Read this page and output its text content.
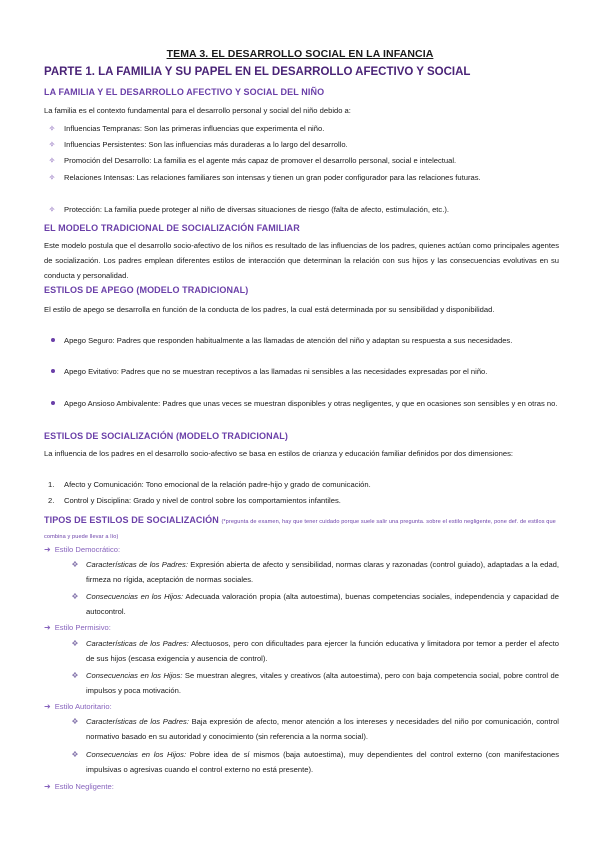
TEMA 3. EL DESARROLLO SOCIAL EN LA INFANCIA
PARTE 1. LA FAMILIA Y SU PAPEL EN EL DESARROLLO AFECTIVO Y SOCIAL
LA FAMILIA Y EL DESARROLLO AFECTIVO Y SOCIAL DEL NIÑO
La familia es el contexto fundamental para el desarrollo personal y social del niño debido a:
✧ Influencias Tempranas: Son las primeras influencias que experimenta el niño.
✧ Influencias Persistentes: Son las influencias más duraderas a lo largo del desarrollo.
✧ Promoción del Desarrollo: La familia es el agente más capaz de promover el desarrollo personal, social e intelectual.
✧ Relaciones Intensas: Las relaciones familiares son intensas y tienen un gran poder configurador para las relaciones futuras.
✧ Protección: La familia puede proteger al niño de diversas situaciones de riesgo (falta de afecto, estimulación, etc.).
EL MODELO TRADICIONAL DE SOCIALIZACIÓN FAMILIAR
Este modelo postula que el desarrollo socio-afectivo de los niños es resultado de las influencias de los padres, quienes actúan como principales agentes de socialización. Los padres emplean diferentes estilos de interacción que determinan la relación con sus hijos y las consecuencias evolutivas en su conducta y personalidad.
ESTILOS DE APEGO (MODELO TRADICIONAL)
El estilo de apego se desarrolla en función de la conducta de los padres, la cual está determinada por su sensibilidad y disponibilidad.
Apego Seguro: Padres que responden habitualmente a las llamadas de atención del niño y adaptan su respuesta a sus necesidades.
Apego Evitativo: Padres que no se muestran receptivos a las llamadas ni sensibles a las necesidades expresadas por el niño.
Apego Ansioso Ambivalente: Padres que unas veces se muestran disponibles y otras negligentes, y que en ocasiones son sensibles y en otras no.
ESTILOS DE SOCIALIZACIÓN (MODELO TRADICIONAL)
La influencia de los padres en el desarrollo socio-afectivo se basa en estilos de crianza y educación familiar definidos por dos dimensiones:
1. Afecto y Comunicación: Tono emocional de la relación padre-hijo y grado de comunicación.
2. Control y Disciplina: Grado y nivel de control sobre los comportamientos infantiles.
TIPOS DE ESTILOS DE SOCIALIZACIÓN (*pregunta de examen, hay que tener cuidado porque suele salir una pregunta. sobre el estilo negligente, pone def. de estilos que combina y puede llevar a lío)
➜ Estilo Democrático:
❖ Características de los Padres: Expresión abierta de afecto y sensibilidad, normas claras y razonadas (control guiado), adaptadas a la edad, firmeza no rígida, aceptación de normas sociales.
❖ Consecuencias en los Hijos: Adecuada valoración propia (alta autoestima), buenas competencias sociales, independencia y capacidad de autocontrol.
➜ Estilo Permisivo:
❖ Características de los Padres: Afectuosos, pero con dificultades para ejercer la función educativa y limitadora por temor a perder el afecto de sus hijos (escasa exigencia y ausencia de control).
❖ Consecuencias en los Hijos: Se muestran alegres, vitales y creativos (alta autoestima), pero con baja competencia social, pobre control de impulsos y poca motivación.
➜ Estilo Autoritario:
❖ Características de los Padres: Baja expresión de afecto, menor atención a los intereses y necesidades del niño por comunicación, control normativo basado en su autoridad y conocimiento (sin referencia a la norma social).
❖ Consecuencias en los Hijos: Pobre idea de sí mismos (baja autoestima), muy dependientes del control externo (con manifestaciones impulsivas o agresivas cuando el control externo no está presente).
➜ Estilo Negligente:
